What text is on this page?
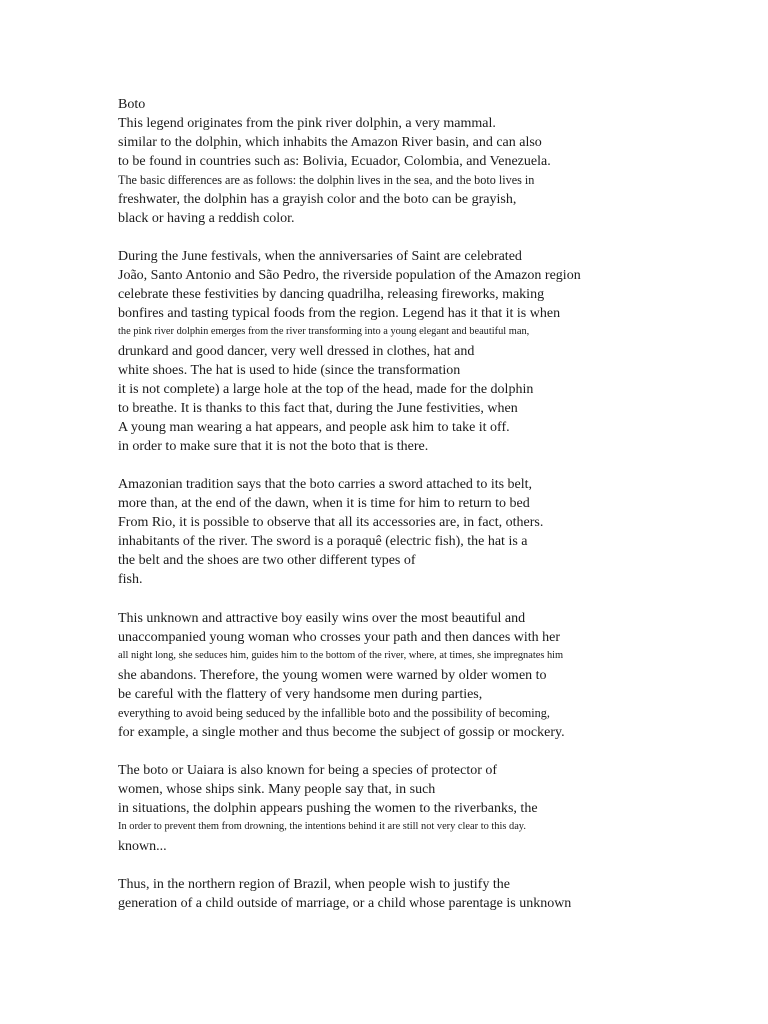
Boto
This legend originates from the pink river dolphin, a very mammal.
similar to the dolphin, which inhabits the Amazon River basin, and can also
to be found in countries such as: Bolivia, Ecuador, Colombia, and Venezuela.
The basic differences are as follows: the dolphin lives in the sea, and the boto lives in
freshwater, the dolphin has a grayish color and the boto can be grayish,
black or having a reddish color.
During the June festivals, when the anniversaries of Saint are celebrated
João, Santo Antonio and São Pedro, the riverside population of the Amazon region
celebrate these festivities by dancing quadrilha, releasing fireworks, making
bonfires and tasting typical foods from the region. Legend has it that it is when
the pink river dolphin emerges from the river transforming into a young elegant and beautiful man,
drunkard and good dancer, very well dressed in clothes, hat and
white shoes. The hat is used to hide (since the transformation
it is not complete) a large hole at the top of the head, made for the dolphin
to breathe. It is thanks to this fact that, during the June festivities, when
A young man wearing a hat appears, and people ask him to take it off.
in order to make sure that it is not the boto that is there.
Amazonian tradition says that the boto carries a sword attached to its belt,
more than, at the end of the dawn, when it is time for him to return to bed
From Rio, it is possible to observe that all its accessories are, in fact, others.
inhabitants of the river. The sword is a poraquê (electric fish), the hat is a
the belt and the shoes are two other different types of
fish.
This unknown and attractive boy easily wins over the most beautiful and
unaccompanied young woman who crosses your path and then dances with her
all night long, she seduces him, guides him to the bottom of the river, where, at times, she impregnates him
she abandons. Therefore, the young women were warned by older women to
be careful with the flattery of very handsome men during parties,
everything to avoid being seduced by the infallible boto and the possibility of becoming,
for example, a single mother and thus become the subject of gossip or mockery.
The boto or Uaiara is also known for being a species of protector of
women, whose ships sink. Many people say that, in such
in situations, the dolphin appears pushing the women to the riverbanks, the
In order to prevent them from drowning, the intentions behind it are still not very clear to this day.
known...
Thus, in the northern region of Brazil, when people wish to justify the
generation of a child outside of marriage, or a child whose parentage is unknown
